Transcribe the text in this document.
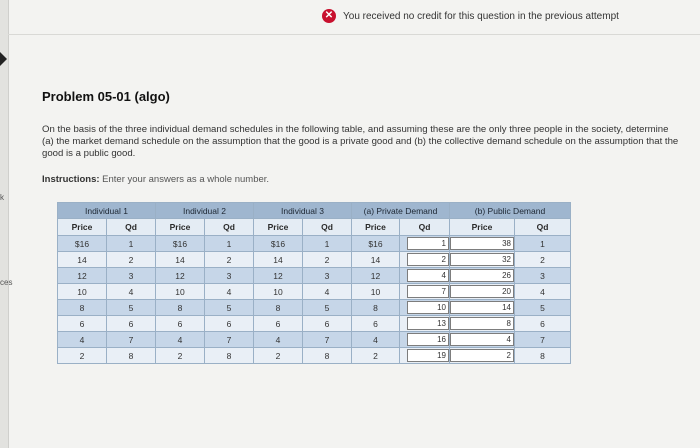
k
ces
✕ You received no credit for this question in the previous attempt
Problem 05-01 (algo)
On the basis of the three individual demand schedules in the following table, and assuming these are the only three people in the society, determine (a) the market demand schedule on the assumption that the good is a private good and (b) the collective demand schedule on the assumption that the good is a public good.
Instructions: Enter your answers as a whole number.
Individual 1		Individual 2		Individual 3		(a) Private Demand		(b) Public Demand	
Price	Qd	Price	Qd	Price	Qd	Price	Qd	Price	Qd
$16	1	$16	1	$16	1	$16	1	38	1
14	2	14	2	14	2	14	2	32	2
12	3	12	3	12	3	12	4	26	3
10	4	10	4	10	4	10	7	20	4
8	5	8	5	8	5	8	10	14	5
6	6	6	6	6	6	6	13	8	6
4	7	4	7	4	7	4	16	4	7
2	8	2	8	2	8	2	19	2	8
